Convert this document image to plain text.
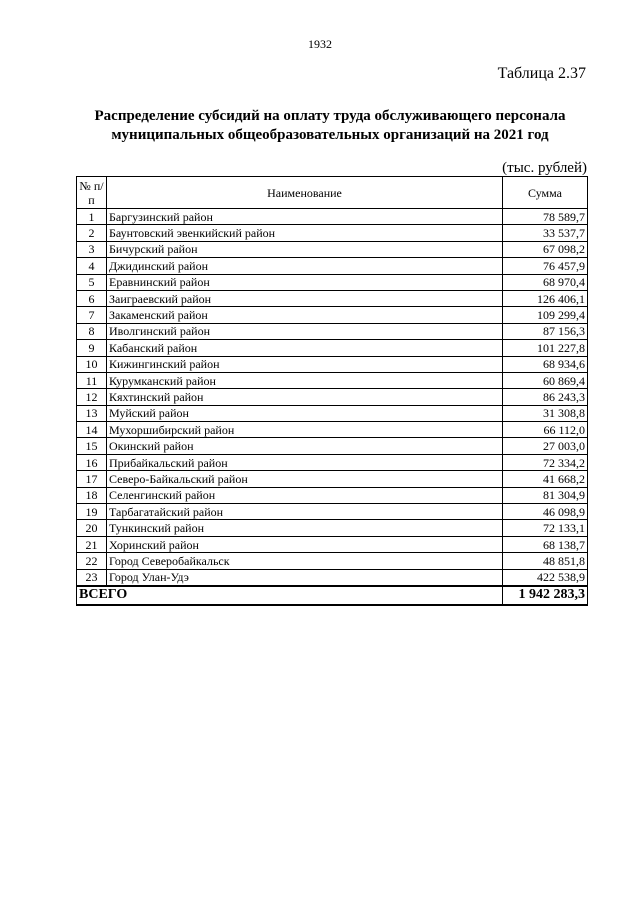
1932
Таблица 2.37
Распределение субсидий на оплату труда обслуживающего персонала
муниципальных общеобразовательных организаций на 2021 год
(тыс. рублей)
№ п/п	Наименование	Сумма
1	Баргузинский район	78 589,7
2	Баунтовский эвенкийский район	33 537,7
3	Бичурский район	67 098,2
4	Джидинский район	76 457,9
5	Еравнинский район	68 970,4
6	Заиграевский район	126 406,1
7	Закаменский район	109 299,4
8	Иволгинский район	87 156,3
9	Кабанский район	101 227,8
10	Кижингинский район	68 934,6
11	Курумканский район	60 869,4
12	Кяхтинский район	86 243,3
13	Муйский район	31 308,8
14	Мухоршибирский район	66 112,0
15	Окинский район	27 003,0
16	Прибайкальский район	72 334,2
17	Северо-Байкальский район	41 668,2
18	Селенгинский район	81 304,9
19	Тарбагатайский район	46 098,9
20	Тункинский район	72 133,1
21	Хоринский район	68 138,7
22	Город Северобайкальск	48 851,8
23	Город Улан-Удэ	422 538,9
ВСЕГО		1 942 283,3
